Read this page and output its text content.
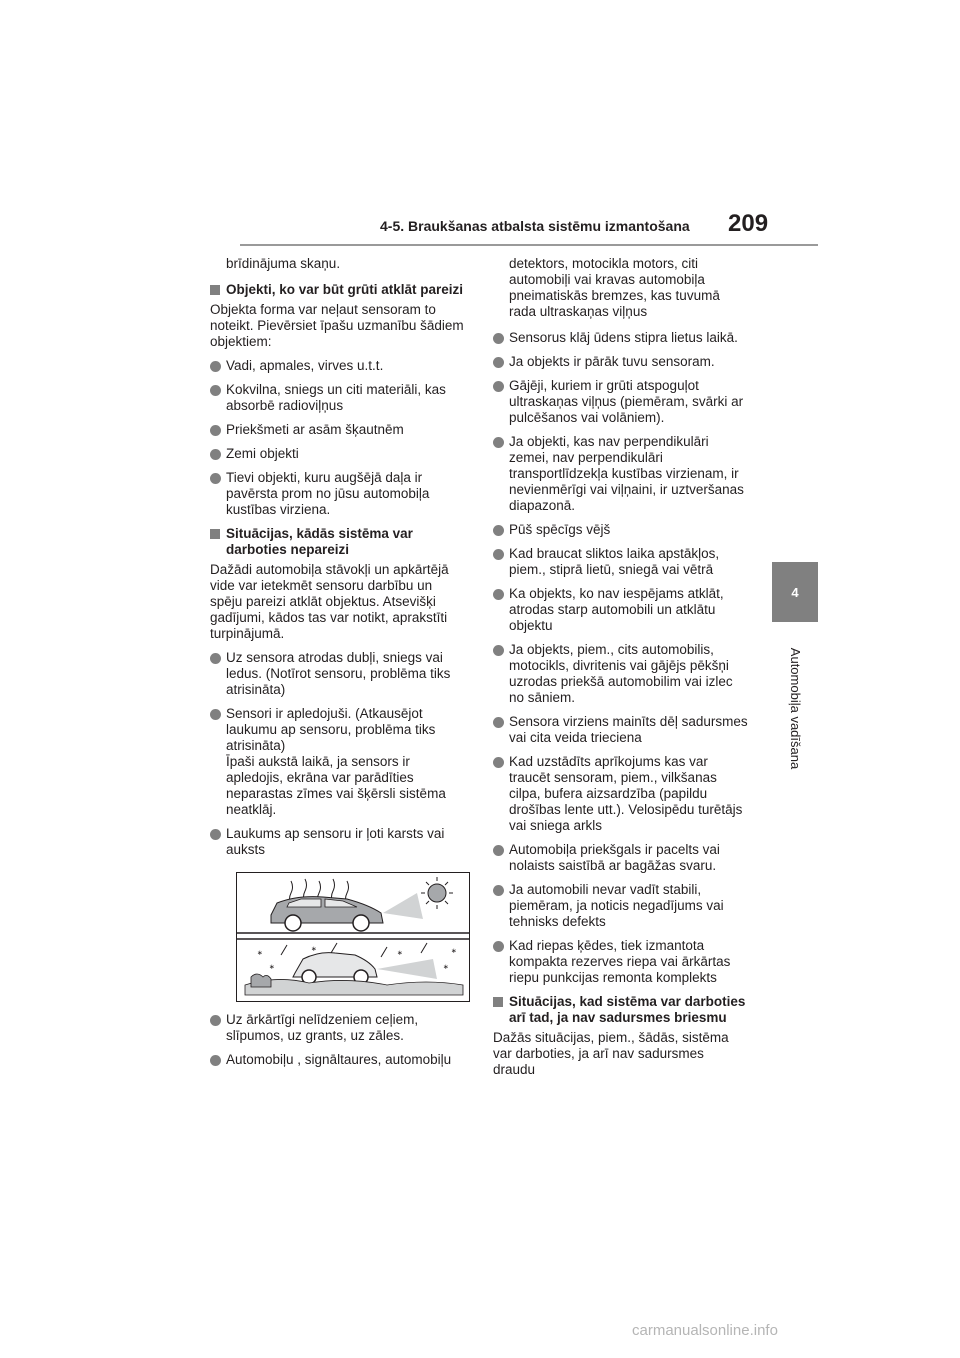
4-5. Braukšanas atbalsta sistēmu izmantošana 209
4
Automobiļa vadīšana
brīdinājuma skaņu.
Objekti, ko var būt grūti atklāt pareizi
Objekta forma var neļaut sensoram to noteikt. Pievērsiet īpašu uzmanību šādiem objektiem:
Vadi, apmales, virves u.t.t.
Kokvilna, sniegs un citi materiāli, kas absorbē radioviļņus
Priekšmeti ar asām šķautnēm
Zemi objekti
Tievi objekti, kuru augšējā daļa ir pavērsta prom no jūsu automobiļa kustības virziena.
Situācijas, kādās sistēma var darboties nepareizi
Dažādi automobiļa stāvokļi un apkārtējā vide var ietekmēt sensoru darbību un spēju pareizi atklāt objektus. Atsevišķi gadījumi, kādos tas var notikt, aprakstīti turpinājumā.
Uz sensora atrodas dubļi, sniegs vai ledus. (Notīrot sensoru, problēma tiks atrisināta)
Sensori ir apledojuši. (Atkausējot laukumu ap sensoru, problēma tiks atrisināta)
Īpaši aukstā laikā, ja sensors ir apledojis, ekrāna var parādīties neparastas zīmes vai šķērsli sistēma neatklāj.
Laukums ap sensoru ir ļoti karsts vai auksts
∗
∗
∗	∗
∗
∗
Uz ārkārtīgi nelīdzeniem ceļiem, slīpumos, uz grants, uz zāles.
Automobiļu , signāltaures, automobiļu
detektors, motocikla motors, citi automobiļi vai kravas automobiļa pneimatiskās bremzes, kas tuvumā rada ultraskaņas viļņus
Sensorus klāj ūdens stipra lietus laikā.
Ja objekts ir pārāk tuvu sensoram.
Gājēji, kuriem ir grūti atspoguļot ultraskaņas viļņus (piemēram, svārki ar pulcēšanos vai volāniem).
Ja objekti, kas nav perpendikulāri zemei, nav perpendikulāri transportlīdzekļa kustības virzienam, ir nevienmērīgi vai viļņaini, ir uztveršanas diapazonā.
Pūš spēcīgs vējš
Kad braucat sliktos laika apstākļos, piem., stiprā lietū, sniegā vai vētrā
Ka objekts, ko nav iespējams atklāt, atrodas starp automobili un atklātu objektu
Ja objekts, piem., cits automobilis, motocikls, divritenis vai gājējs pēkšņi uzrodas priekšā automobilim vai izlec no sāniem.
Sensora virziens mainīts dēļ sadursmes vai cita veida trieciena
Kad uzstādīts aprīkojums kas var traucēt sensoram, piem., vilkšanas cilpa, bufera aizsardzība (papildu drošības lente utt.). Velosipēdu turētājs vai sniega arkls
Automobiļa priekšgals ir pacelts vai nolaists saistībā ar bagāžas svaru.
Ja automobili nevar vadīt stabili, piemēram, ja noticis negadījums vai tehnisks defekts
Kad riepas ķēdes, tiek izmantota kompakta rezerves riepa vai ārkārtas riepu punkcijas remonta komplekts
Situācijas, kad sistēma var darboties arī tad, ja nav sadursmes briesmu
Dažās situācijas, piem., šādās, sistēma var darboties, ja arī nav sadursmes draudu
carmanualsonline.info
